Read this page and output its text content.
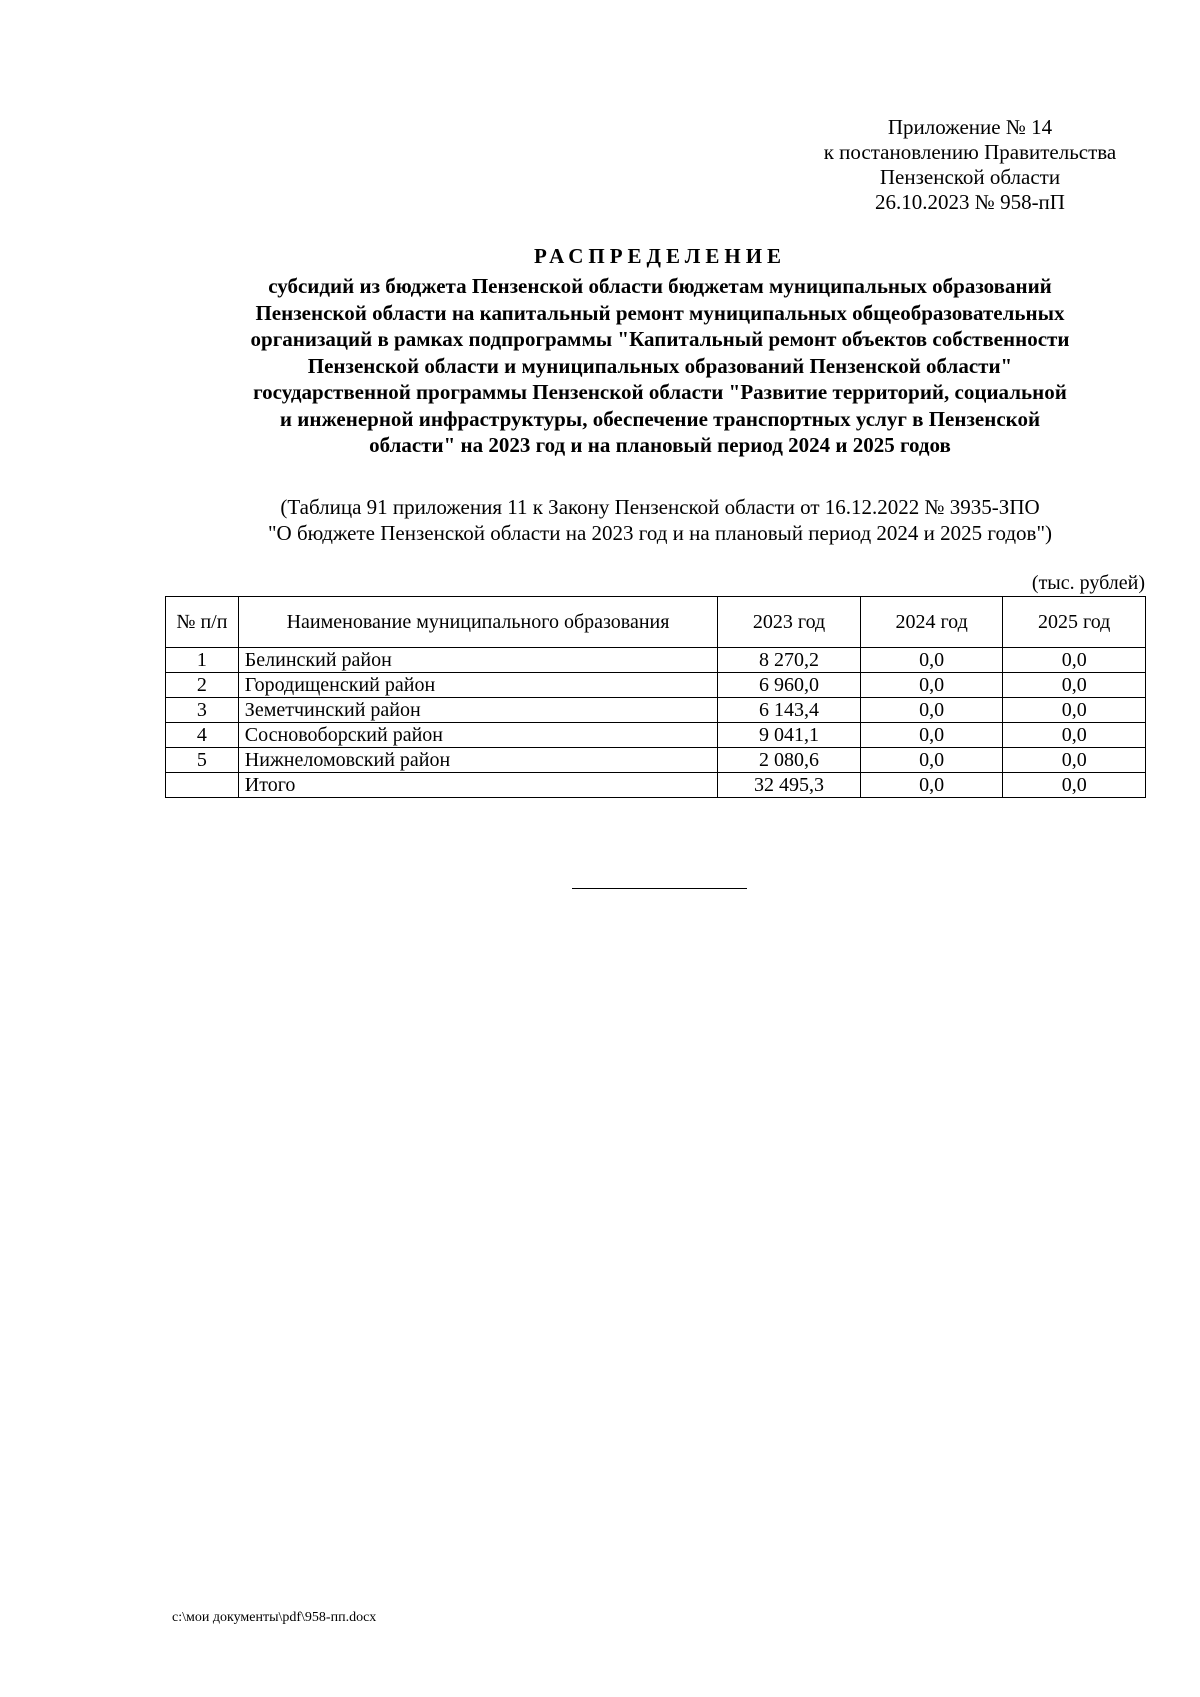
Приложение № 14
к постановлению Правительства
Пензенской области
26.10.2023 № 958-пП
РАСПРЕДЕЛЕНИЕ
субсидий из бюджета Пензенской области бюджетам муниципальных образований
Пензенской области на капитальный ремонт муниципальных общеобразовательных
организаций в рамках подпрограммы "Капитальный ремонт объектов собственности
Пензенской области и муниципальных образований Пензенской области"
государственной программы Пензенской области "Развитие территорий, социальной
и инженерной инфраструктуры, обеспечение транспортных услуг в Пензенской
области" на 2023 год и на плановый период 2024 и 2025 годов
(Таблица 91 приложения 11 к Закону Пензенской области от 16.12.2022 № 3935-ЗПО
"О бюджете Пензенской области на 2023 год и на плановый период 2024 и 2025 годов")
(тыс. рублей)
№ п/п	Наименование муниципального образования	2023 год	2024 год	2025 год
1	Белинский район	8 270,2	0,0	0,0
2	Городищенский район	6 960,0	0,0	0,0
3	Земетчинский район	6 143,4	0,0	0,0
4	Сосновоборский район	9 041,1	0,0	0,0
5	Нижнеломовский район	2 080,6	0,0	0,0
	Итого	32 495,3	0,0	0,0
c:\мои документы\pdf\958-пп.docx
